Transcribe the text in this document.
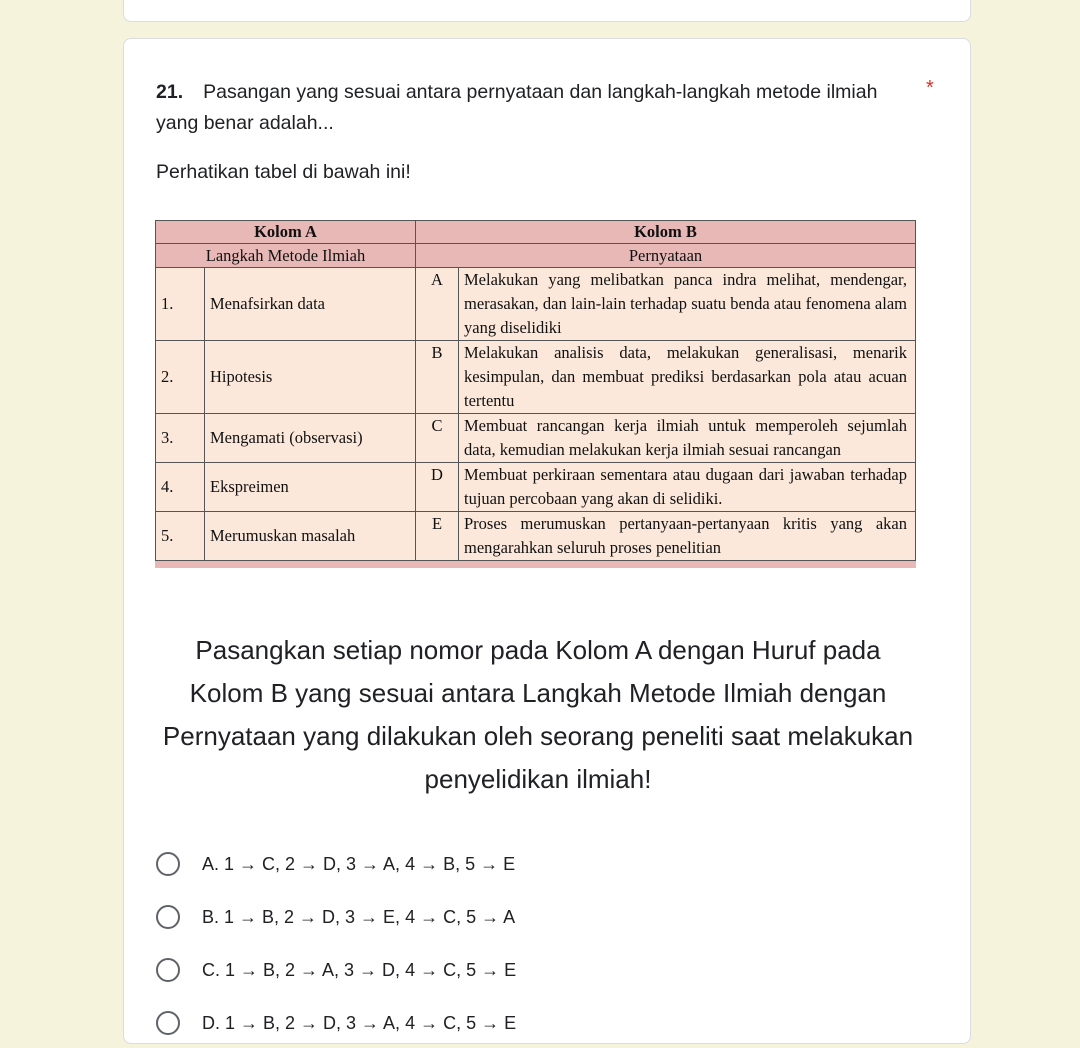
21. Pasangan yang sesuai antara pernyataan dan langkah-langkah metode ilmiah yang benar adalah...
*
Perhatikan tabel di bawah ini!
Kolom A		Kolom B	
Langkah Metode Ilmiah		Pernyataan	
1.	Menafsirkan data	A	Melakukan yang melibatkan panca indra melihat, mendengar, merasakan, dan lain-lain terhadap suatu benda atau fenomena alam yang diselidiki
2.	Hipotesis	B	Melakukan analisis data, melakukan generalisasi, menarik kesimpulan, dan membuat prediksi berdasarkan pola atau acuan tertentu
3.	Mengamati (observasi)	C	Membuat rancangan kerja ilmiah untuk memperoleh sejumlah data, kemudian melakukan kerja ilmiah sesuai rancangan
4.	Ekspreimen	D	Membuat perkiraan sementara atau dugaan dari jawaban terhadap tujuan percobaan yang akan di selidiki.
5.	Merumuskan masalah	E	Proses merumuskan pertanyaan-pertanyaan kritis yang akan mengarahkan seluruh proses penelitian
Pasangkan setiap nomor pada Kolom A dengan Huruf pada Kolom B yang sesuai antara Langkah Metode Ilmiah dengan Pernyataan yang dilakukan oleh seorang peneliti saat melakukan penyelidikan ilmiah!
A. 1 → C, 2 → D, 3 → A, 4 → B, 5 → E
B. 1 → B, 2 → D, 3 → E, 4 → C, 5 → A
C. 1 → B, 2 → A, 3 → D, 4 → C, 5 → E
D. 1 → B, 2 → D, 3 → A, 4 → C, 5 → E
